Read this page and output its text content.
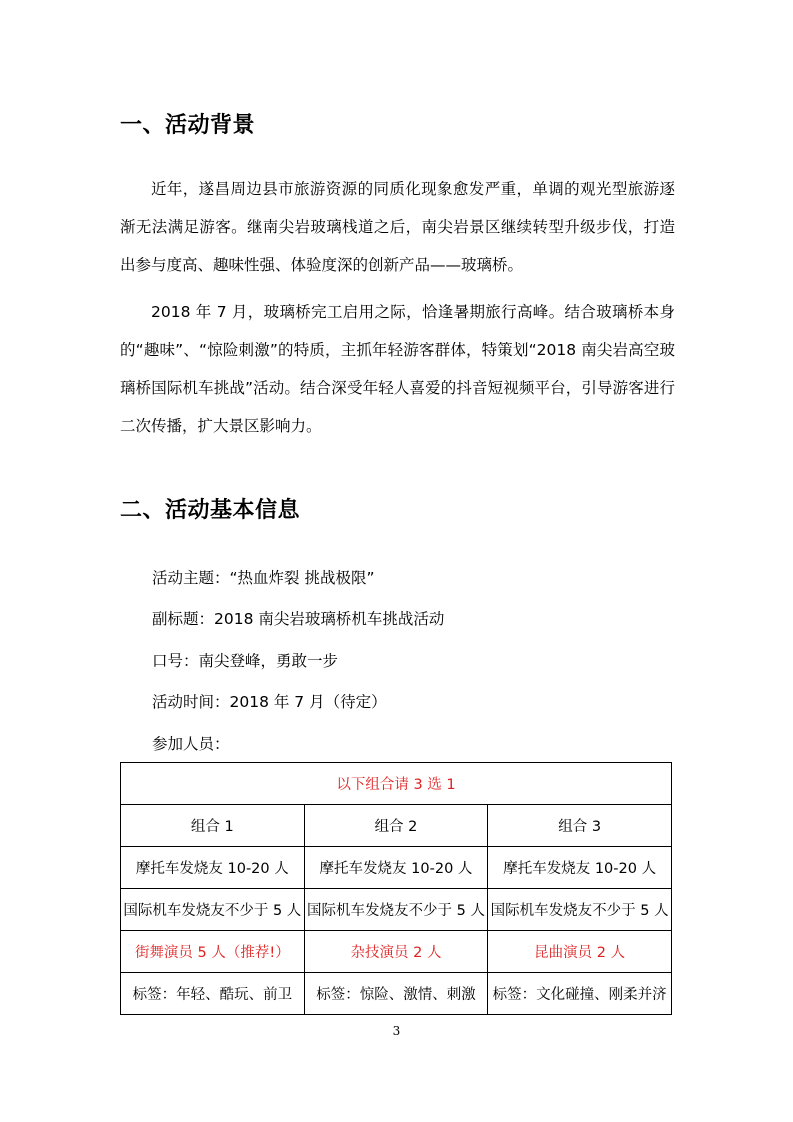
一、活动背景

近年，遂昌周边县市旅游资源的同质化现象愈发严重，单调的观光型旅游逐渐无法满足游客。继南尖岩玻璃栈道之后，南尖岩景区继续转型升级步伐，打造出参与度高、趣味性强、体验度深的创新产品——玻璃桥。

2018 年 7 月，玻璃桥完工启用之际，恰逢暑期旅行高峰。结合玻璃桥本身的“趣味”、“惊险刺激”的特质，主抓年轻游客群体，特策划“2018 南尖岩高空玻璃桥国际机车挑战”活动。结合深受年轻人喜爱的抖音短视频平台，引导游客进行二次传播，扩大景区影响力。

二、活动基本信息

活动主题：“热血炸裂 挑战极限”

副标题：2018 南尖岩玻璃桥机车挑战活动

口号：南尖登峰，勇敢一步

活动时间：2018 年 7 月（待定）

参加人员：

以下组合请 3 选 1		
组合 1	组合 2	组合 3
摩托车发烧友 10-20 人	摩托车发烧友 10-20 人	摩托车发烧友 10-20 人
国际机车发烧友不少于 5 人	国际机车发烧友不少于 5 人	国际机车发烧友不少于 5 人
街舞演员 5 人（推荐!）	杂技演员 2 人	昆曲演员 2 人
标签：年轻、酷玩、前卫	标签：惊险、激情、刺激	标签：文化碰撞、刚柔并济
3
